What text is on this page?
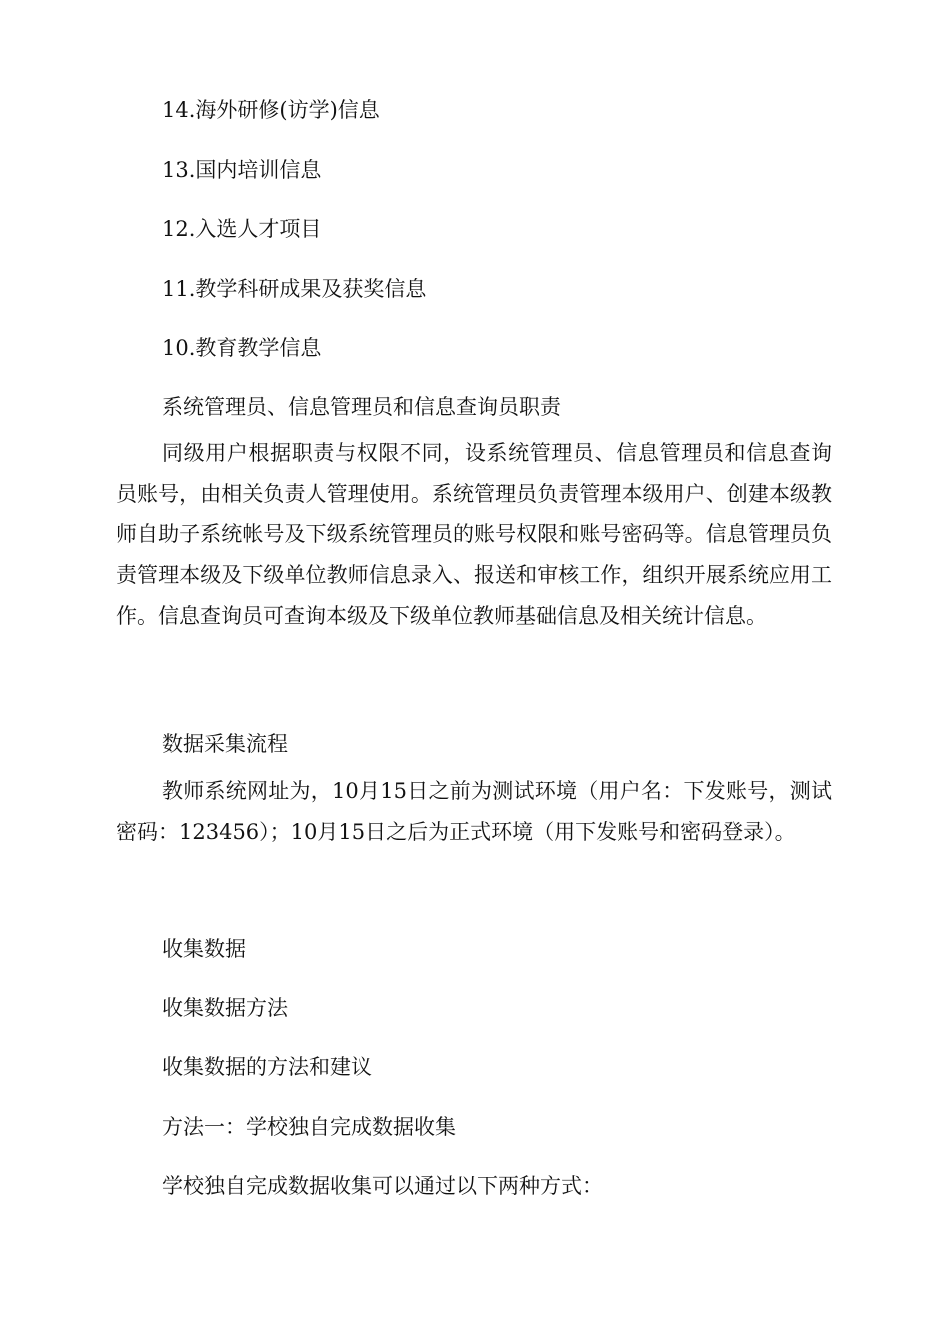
14.海外研修(访学)信息
13.国内培训信息
12.入选人才项目
11.教学科研成果及获奖信息
10.教育教学信息
系统管理员、信息管理员和信息查询员职责

同级用户根据职责与权限不同，设系统管理员、信息管理员和信息查询员账号，由相关负责人管理使用。系统管理员负责管理本级用户、创建本级教师自助子系统帐号及下级系统管理员的账号权限和账号密码等。信息管理员负责管理本级及下级单位教师信息录入、报送和审核工作，组织开展系统应用工作。信息查询员可查询本级及下级单位教师基础信息及相关统计信息。

数据采集流程

教师系统网址为，10月15日之前为测试环境（用户名：下发账号，测试密码：123456）；10月15日之后为正式环境（用下发账号和密码登录）。

收集数据
收集数据方法
收集数据的方法和建议
方法一：学校独自完成数据收集
学校独自完成数据收集可以通过以下两种方式：
